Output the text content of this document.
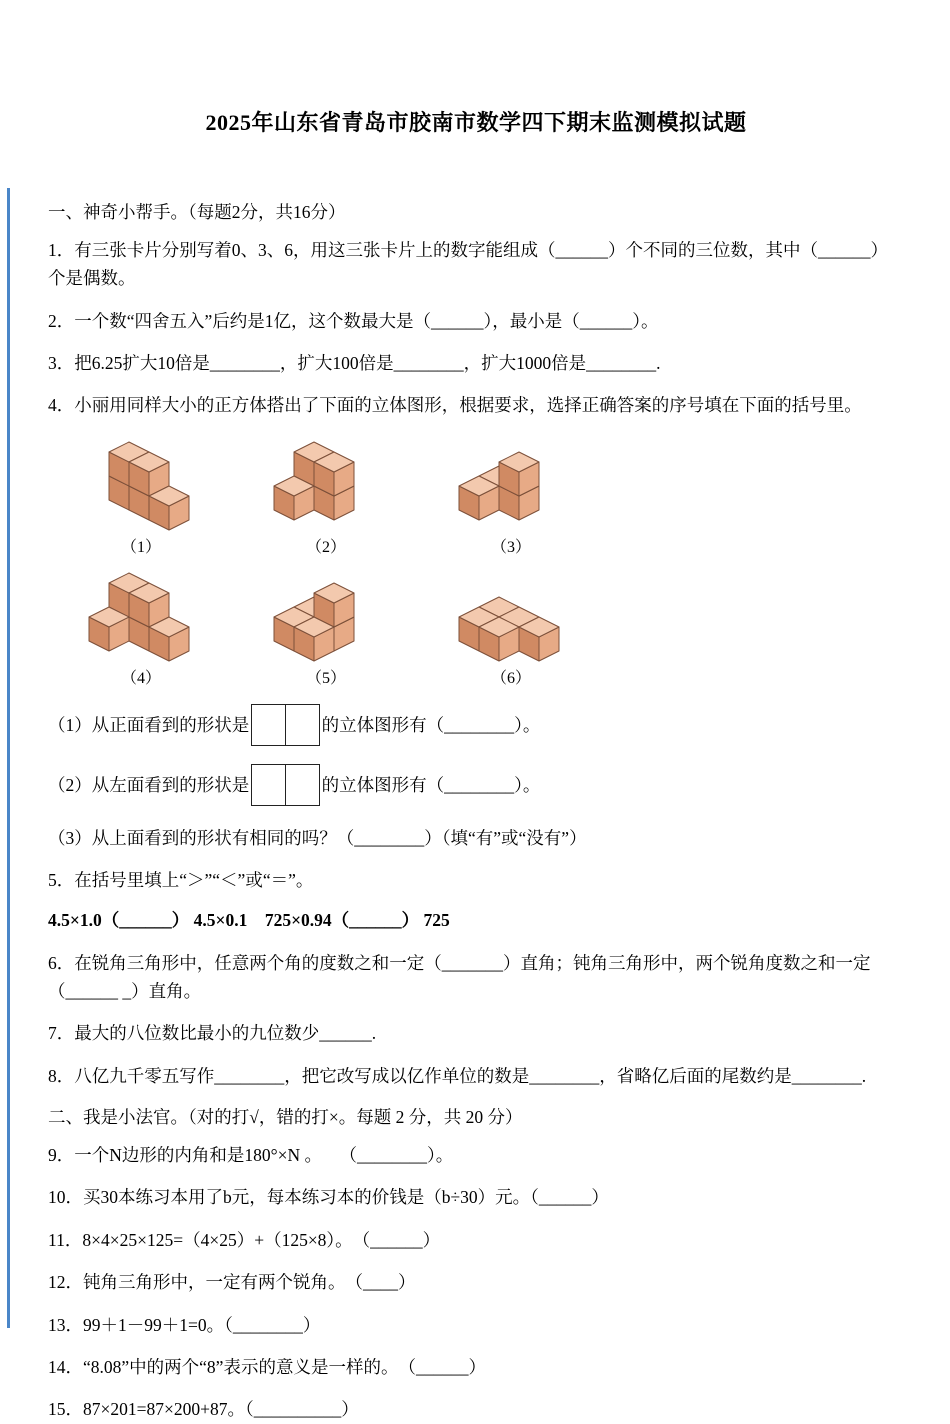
2025年山东省青岛市胶南市数学四下期末监测模拟试题

一、神奇小帮手。（每题2分，共16分）

1．有三张卡片分别写着0、3、6，用这三张卡片上的数字能组成（______）个不同的三位数，其中（______）个是偶数。

2．一个数“四舍五入”后约是1亿，这个数最大是（______），最小是（______）。

3．把6.25扩大10倍是________，扩大100倍是________，扩大1000倍是________.

4．小丽用同样大小的正方体搭出了下面的立体图形，根据要求，选择正确答案的序号填在下面的括号里。

（1）	（2）	（3）
（4）	（5）	（6）
（1）从正面看到的形状是	的立体图形有（________）。
（2）从左面看到的形状是	的立体图形有（________）。

（3）从上面看到的形状有相同的吗？（________）（填“有”或“没有”）

5．在括号里填上“＞”“＜”或“＝”。

4.5×1.0（______） 4.5×0.1　725×0.94（______） 725

6．在锐角三角形中，任意两个角的度数之和一定（_______）直角；钝角三角形中，两个锐角度数之和一定（______ _）直角。

7．最大的八位数比最小的九位数少______.

8．八亿九千零五写作________，把它改写成以亿作单位的数是________，省略亿后面的尾数约是________.

二、我是小法官。（对的打√，错的打×。每题 2 分，共 20 分）

9．一个N边形的内角和是180°×N 。　　（________）。

10．买30本练习本用了b元，每本练习本的价钱是（b÷30）元。（______）

11．8×4×25×125=（4×25）+（125×8）。　（______）

12．钝角三角形中，一定有两个锐角。　（____）

13．99＋1－99＋1=0。（________）

14．“8.08”中的两个“8”表示的意义是一样的。　（______）

15．87×201=87×200+87。（__________）
